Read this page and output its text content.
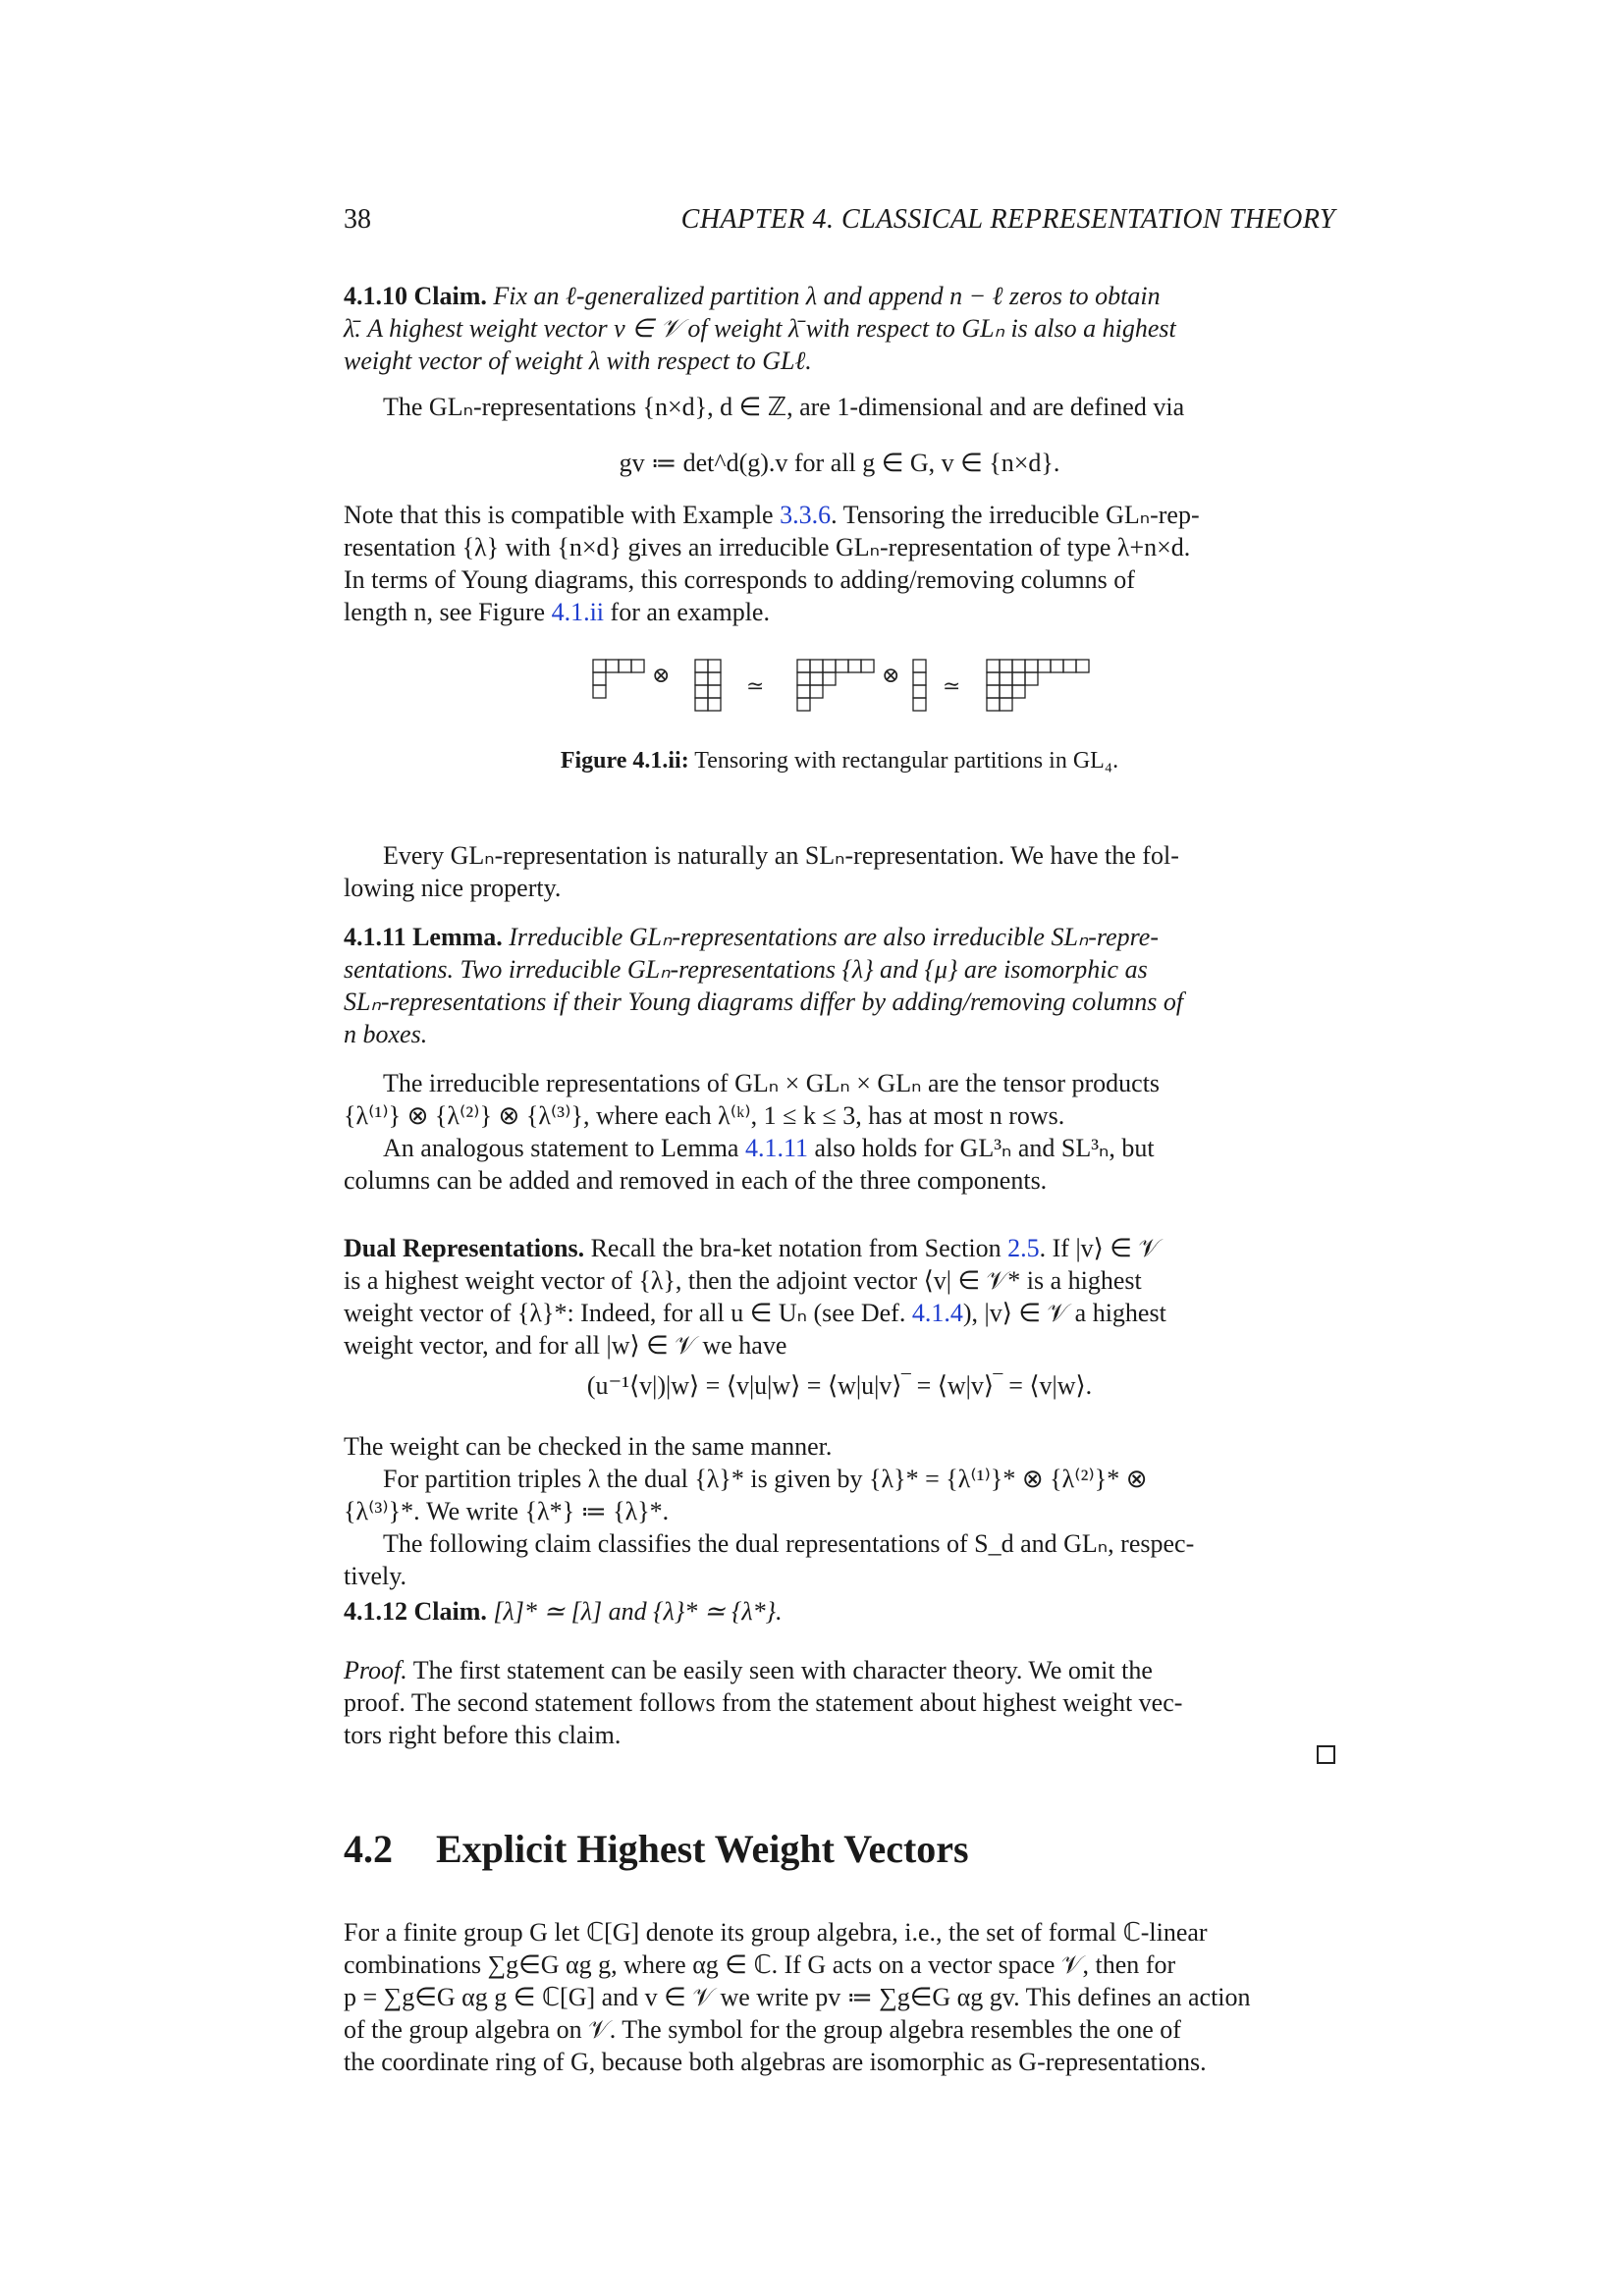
38	CHAPTER 4. CLASSICAL REPRESENTATION THEORY
4.1.10 Claim. Fix an ℓ-generalized partition λ and append n − ℓ zeros to obtain
λ̄. A highest weight vector v ∈ 𝒱 of weight λ̄ with respect to GLₙ is also a highest
weight vector of weight λ with respect to GLℓ.
The GLₙ-representations {n×d}, d ∈ ℤ, are 1-dimensional and are defined via
gv ≔ det^d(g).v for all g ∈ G, v ∈ {n×d}.
Note that this is compatible with Example 3.3.6. Tensoring the irreducible GLₙ-rep-
resentation {λ} with {n×d} gives an irreducible GLₙ-representation of type λ+n×d.
In terms of Young diagrams, this corresponds to adding/removing columns of
length n, see Figure 4.1.ii for an example.
⊗	≃	⊗ ≃
Figure 4.1.ii: Tensoring with rectangular partitions in GL₄.
Every GLₙ-representation is naturally an SLₙ-representation. We have the fol-
lowing nice property.
4.1.11 Lemma. Irreducible GLₙ-representations are also irreducible SLₙ-repre-
sentations. Two irreducible GLₙ-representations {λ} and {μ} are isomorphic as
SLₙ-representations if their Young diagrams differ by adding/removing columns of
n boxes.
The irreducible representations of GLₙ × GLₙ × GLₙ are the tensor products
{λ⁽¹⁾} ⊗ {λ⁽²⁾} ⊗ {λ⁽³⁾}, where each λ⁽ᵏ⁾, 1 ≤ k ≤ 3, has at most n rows.
An analogous statement to Lemma 4.1.11 also holds for GL³ₙ and SL³ₙ, but
columns can be added and removed in each of the three components.
Dual Representations. Recall the bra-ket notation from Section 2.5. If |v⟩ ∈ 𝒱
is a highest weight vector of {λ}, then the adjoint vector ⟨v| ∈ 𝒱* is a highest
weight vector of {λ}*: Indeed, for all u ∈ Uₙ (see Def. 4.1.4), |v⟩ ∈ 𝒱 a highest
weight vector, and for all |w⟩ ∈ 𝒱 we have
(u⁻¹⟨v|)|w⟩ = ⟨v|u|w⟩ = ⟨w|u|v⟩‾ = ⟨w|v⟩‾ = ⟨v|w⟩.
The weight can be checked in the same manner.
For partition triples λ the dual {λ}* is given by {λ}* = {λ⁽¹⁾}* ⊗ {λ⁽²⁾}* ⊗
{λ⁽³⁾}*. We write {λ*} ≔ {λ}*.
The following claim classifies the dual representations of S_d and GLₙ, respec-
tively.
4.1.12 Claim. [λ]* ≃ [λ] and {λ}* ≃ {λ*}.
Proof. The first statement can be easily seen with character theory. We omit the
proof. The second statement follows from the statement about highest weight vec-
tors right before this claim.
4.2 Explicit Highest Weight Vectors
For a finite group G let ℂ[G] denote its group algebra, i.e., the set of formal ℂ-linear
combinations ∑g∈G αg g, where αg ∈ ℂ. If G acts on a vector space 𝒱, then for
p = ∑g∈G αg g ∈ ℂ[G] and v ∈ 𝒱 we write pv ≔ ∑g∈G αg gv. This defines an action
of the group algebra on 𝒱. The symbol for the group algebra resembles the one of
the coordinate ring of G, because both algebras are isomorphic as G-representations.
